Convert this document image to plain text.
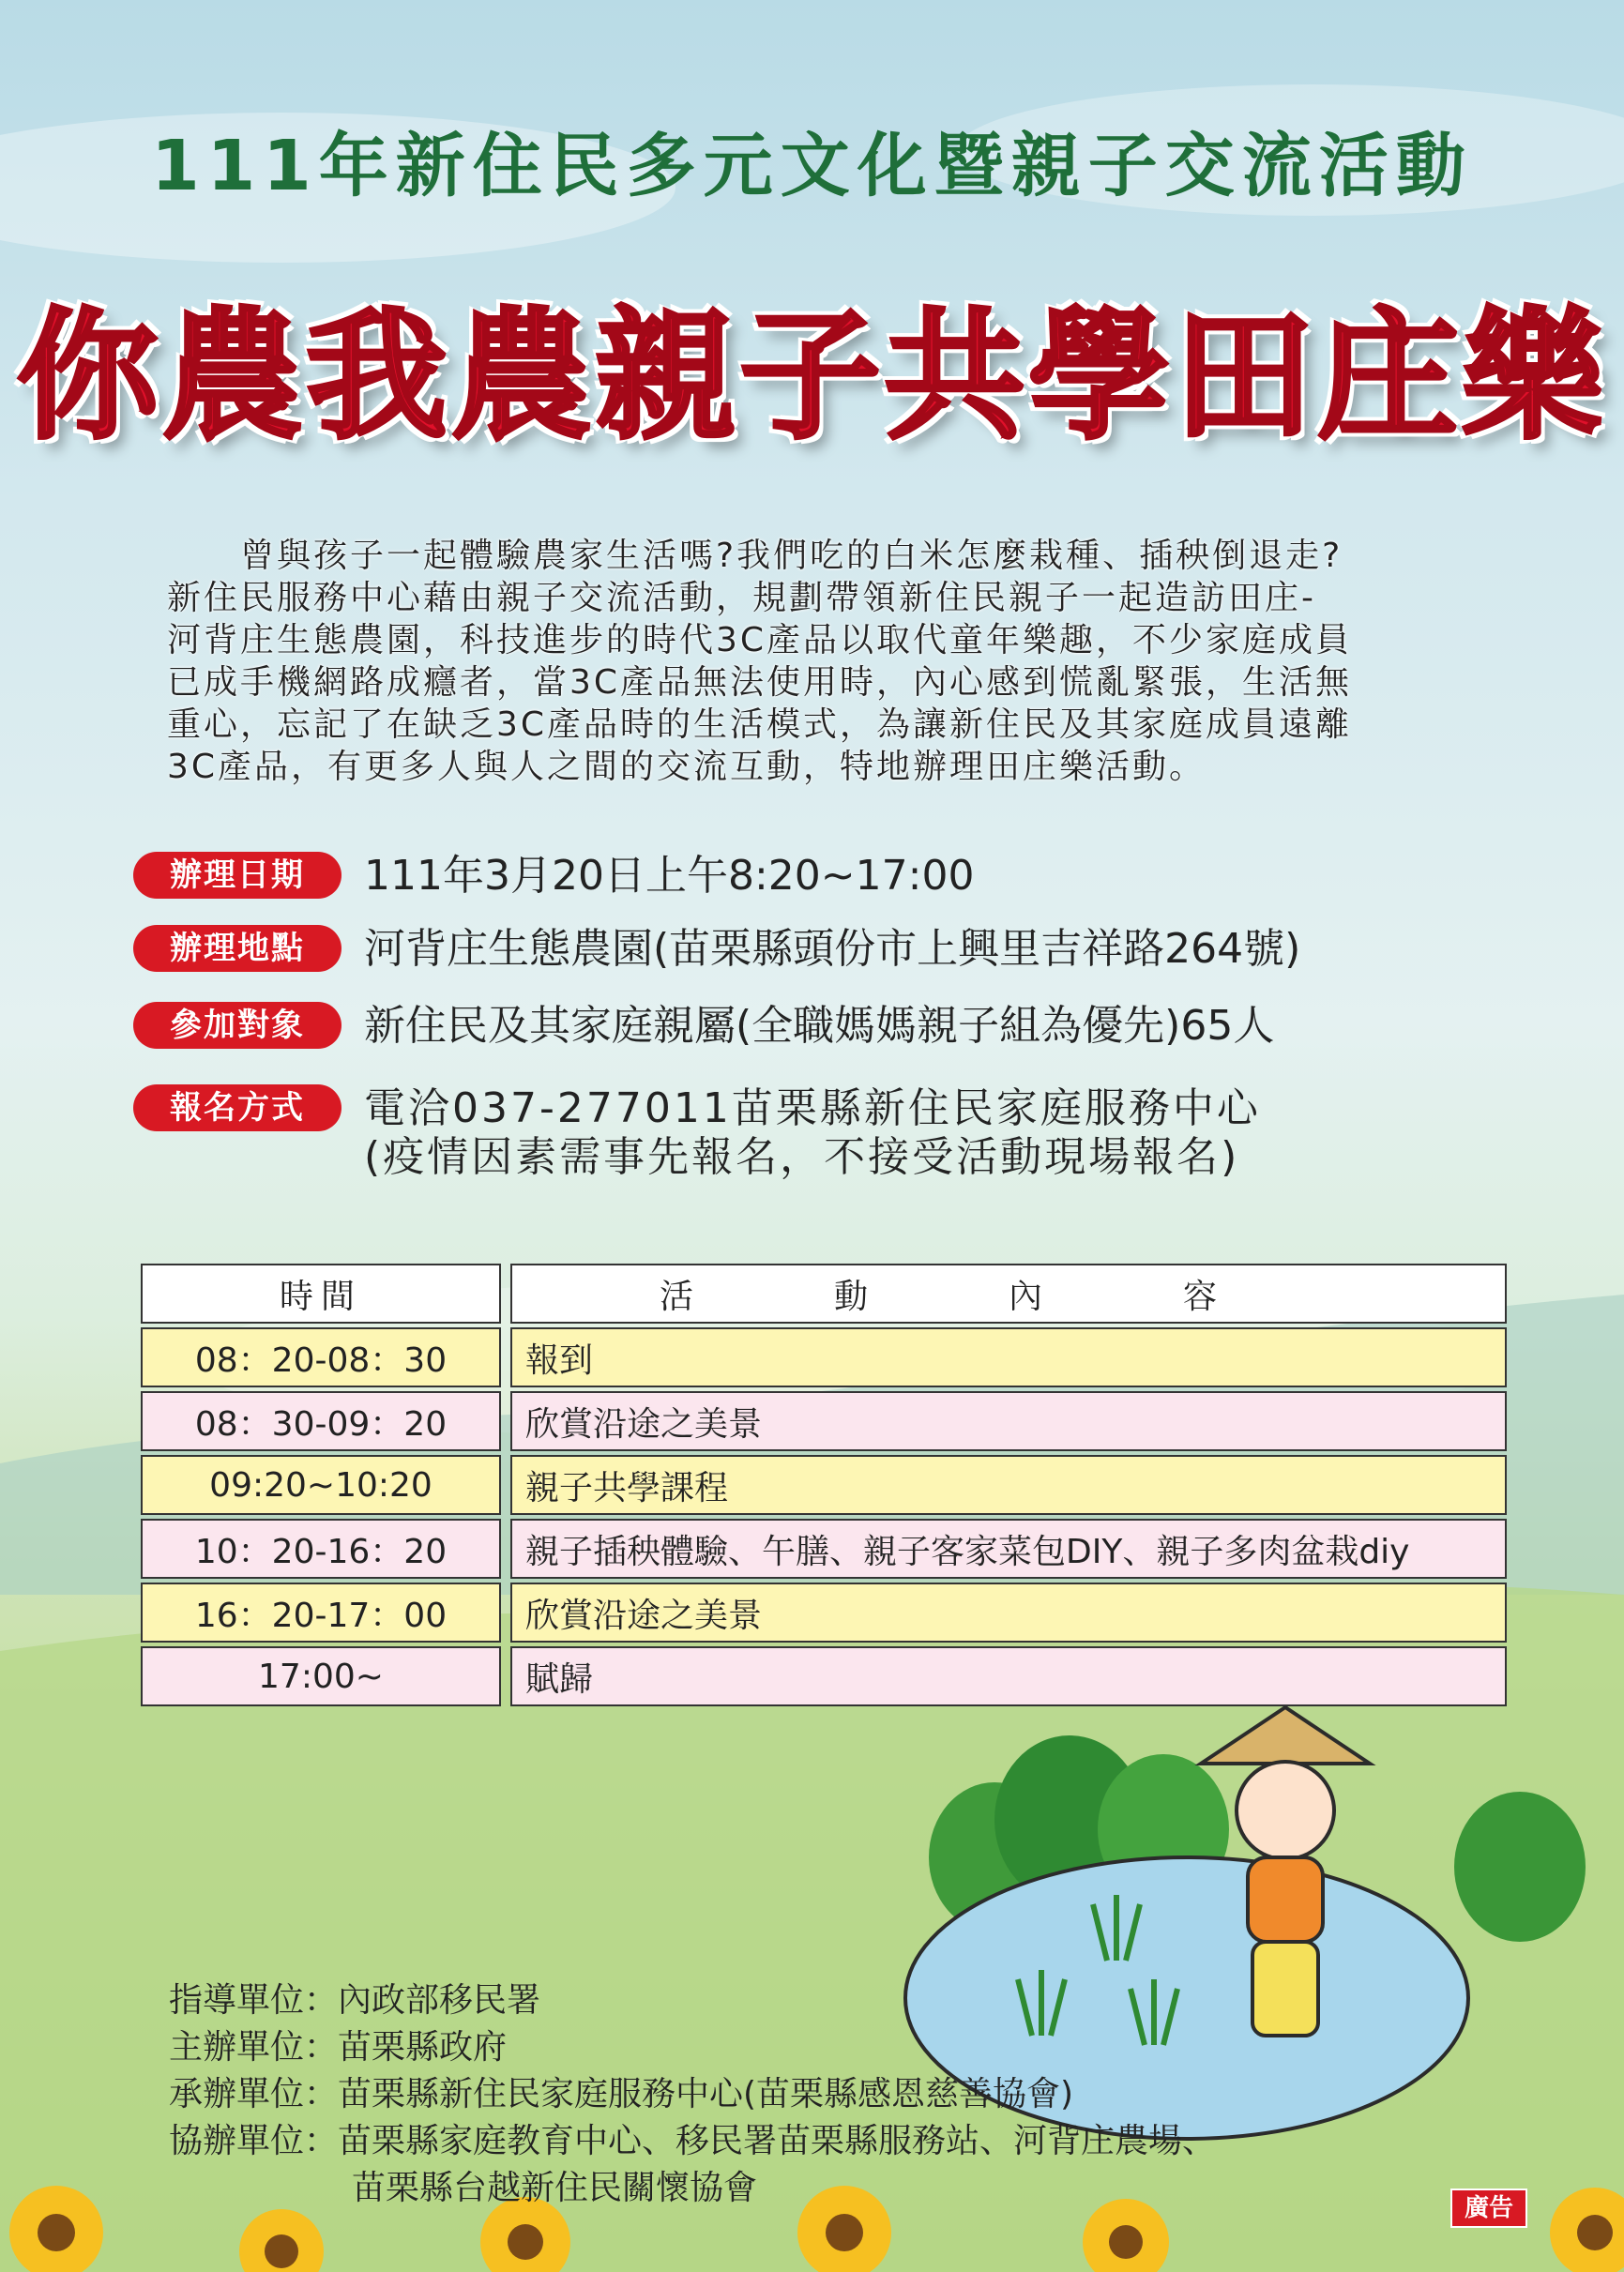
111年新住民多元文化暨親子交流活動
你農我農親子共學田庄樂
　　曾與孩子一起體驗農家生活嗎?我們吃的白米怎麼栽種、插秧倒退走?
新住民服務中心藉由親子交流活動，規劃帶領新住民親子一起造訪田庄-
河背庄生態農園，科技進步的時代3C產品以取代童年樂趣，不少家庭成員
已成手機網路成癮者，當3C產品無法使用時，內心感到慌亂緊張，生活無
重心，忘記了在缺乏3C產品時的生活模式，為讓新住民及其家庭成員遠離
3C產品，有更多人與人之間的交流互動，特地辦理田庄樂活動。
辦理日期	111年3月20日上午8:20~17:00
辦理地點	河背庄生態農園(苗栗縣頭份市上興里吉祥路264號)
參加對象	新住民及其家庭親屬(全職媽媽親子組為優先)65人
報名方式	電洽037-277011苗栗縣新住民家庭服務中心
(疫情因素需事先報名，不接受活動現場報名)
時間		活動內容

08：20-08：30		報到

08：30-09：20		欣賞沿途之美景

09:20~10:20		親子共學課程

10：20-16：20		親子插秧體驗、午膳、親子客家菜包DIY、親子多肉盆栽diy

16：20-17：00		欣賞沿途之美景

17:00~		賦歸
指導單位：內政部移民署
主辦單位：苗栗縣政府
承辦單位：苗栗縣新住民家庭服務中心(苗栗縣感恩慈善協會)
協辦單位：苗栗縣家庭教育中心、移民署苗栗縣服務站、河背庄農場、
苗栗縣台越新住民關懷協會
廣告
